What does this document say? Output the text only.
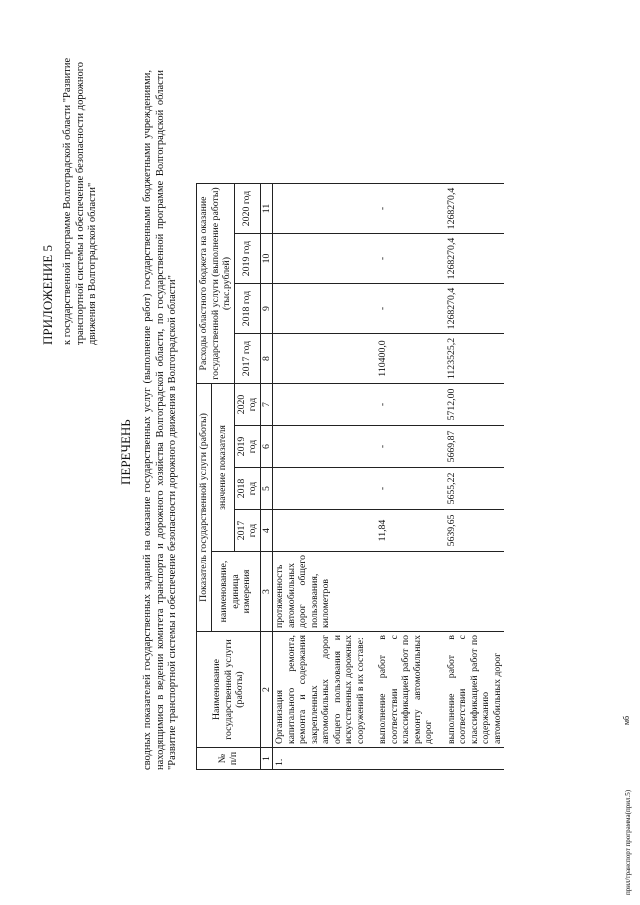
ПРИЛОЖЕНИЕ 5 к государственной программе Волгоградской области "Развитие транспортной системы и обеспечение безопасности дорожного движения в Волгоградской области"
ПЕРЕЧЕНЬ сводных показателей государственных заданий на оказание государственных услуг (выполнение работ) государственными бюджетными учреждениями, находящимися в ведении комитета транспорта и дорожного хозяйства Волгоградской области, по государственной программе Волгоградской области "Развитие транспортной системы и обеспечение безопасности дорожного движения в Волгоградской области"	№ п/п	Наименование государственной услуги (работы)	Показатель государственной услуги (работы)					Расходы областного бюджета на оказание государственной услуги (выполнение работы) (тыс.рублей)			
		наименование, единица измерения	значение показателя							
			2017 год	2018 год	2019 год	2020 год	2017 год	2018 год	2019 год	2020 год
1	2	3	4	5	6	7	8	9	10	11
1.	Организация капитального ремонта, ремонта и содержания закрепленных автомобильных дорог общего пользования и искусственных дорожных сооружений в их составе:	протяженность автомобильных дорог общего пользования, километров								
	выполнение работ в соответствии с классификацией работ по ремонту автомобильных дорог		11,84	-	-	-	110400,0	-	-	-
	выполнение работ в соответствии с классификацией работ по содержанию автомобильных дорог		5639,65	5655,22	5669,87	5712,00	1123525,2	1268270,4	1268270,4	1268270,4
прил/транспорт программа(прил.5)
мб
